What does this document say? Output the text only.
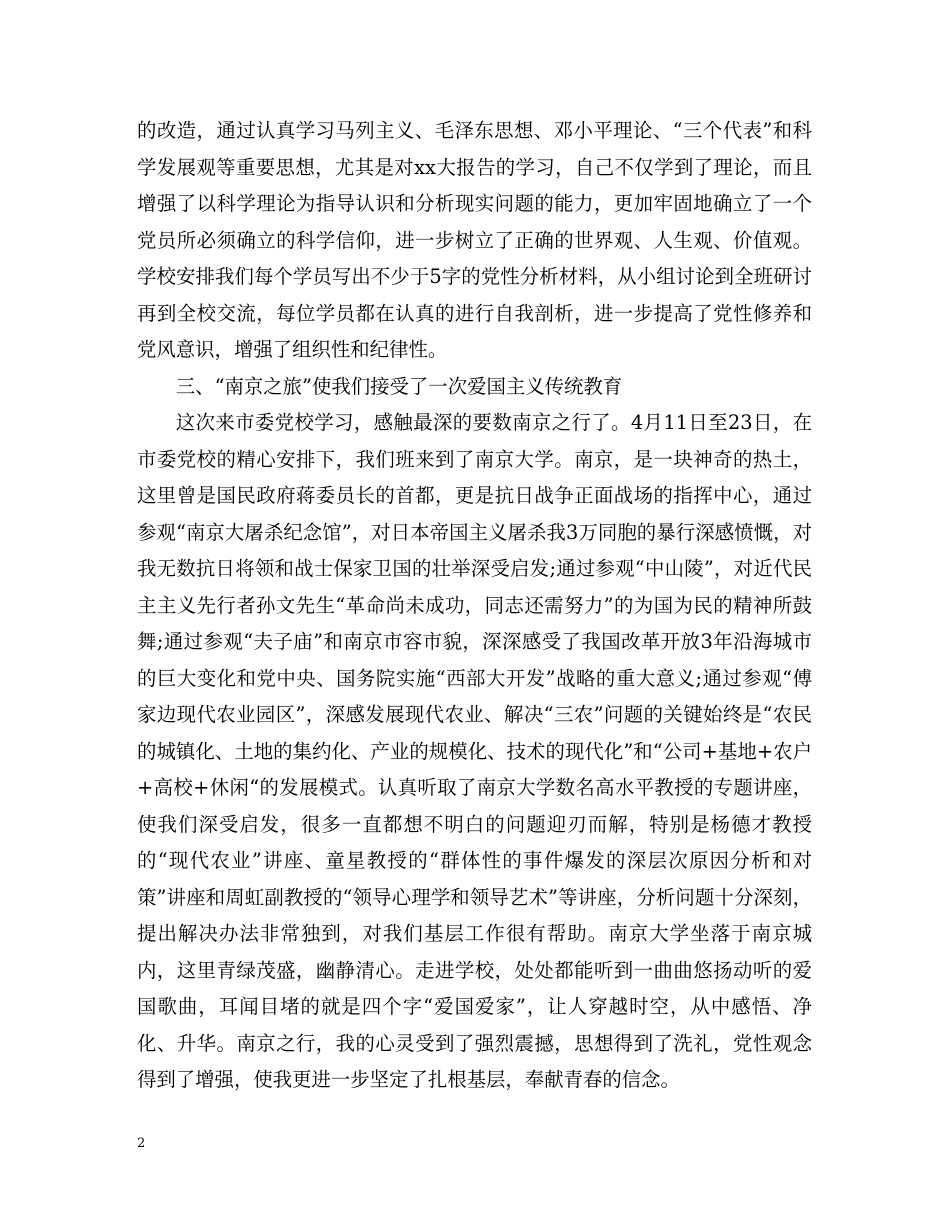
的改造，通过认真学习马列主义、毛泽东思想、邓小平理论、“三个代表”和科学发展观等重要思想，尤其是对xx大报告的学习，自己不仅学到了理论，而且增强了以科学理论为指导认识和分析现实问题的能力，更加牢固地确立了一个党员所必须确立的科学信仰，进一步树立了正确的世界观、人生观、价值观。学校安排我们每个学员写出不少于5字的党性分析材料，从小组讨论到全班研讨再到全校交流，每位学员都在认真的进行自我剖析，进一步提高了党性修养和党风意识，增强了组织性和纪律性。

三、“南京之旅”使我们接受了一次爱国主义传统教育

这次来市委党校学习，感触最深的要数南京之行了。4月11日至23日，在市委党校的精心安排下，我们班来到了南京大学。南京，是一块神奇的热土，这里曾是国民政府蒋委员长的首都，更是抗日战争正面战场的指挥中心，通过参观“南京大屠杀纪念馆”，对日本帝国主义屠杀我3万同胞的暴行深感愤慨，对我无数抗日将领和战士保家卫国的壮举深受启发;通过参观“中山陵”，对近代民主主义先行者孙文先生“革命尚未成功，同志还需努力”的为国为民的精神所鼓舞;通过参观“夫子庙”和南京市容市貌，深深感受了我国改革开放3年沿海城市的巨大变化和党中央、国务院实施“西部大开发”战略的重大意义;通过参观“傅家边现代农业园区”，深感发展现代农业、解决“三农”问题的关键始终是“农民的城镇化、土地的集约化、产业的规模化、技术的现代化”和“公司+基地+农户+高校+休闲“的发展模式。认真听取了南京大学数名高水平教授的专题讲座，使我们深受启发，很多一直都想不明白的问题迎刃而解，特别是杨德才教授的“现代农业”讲座、童星教授的“群体性的事件爆发的深层次原因分析和对策”讲座和周虹副教授的“领导心理学和领导艺术”等讲座，分析问题十分深刻，提出解决办法非常独到，对我们基层工作很有帮助。南京大学坐落于南京城内，这里青绿茂盛，幽静清心。走进学校，处处都能听到一曲曲悠扬动听的爱国歌曲，耳闻目堵的就是四个字“爱国爱家”，让人穿越时空，从中感悟、净化、升华。南京之行，我的心灵受到了强烈震撼，思想得到了洗礼，党性观念得到了增强，使我更进一步坚定了扎根基层，奉献青春的信念。

2
